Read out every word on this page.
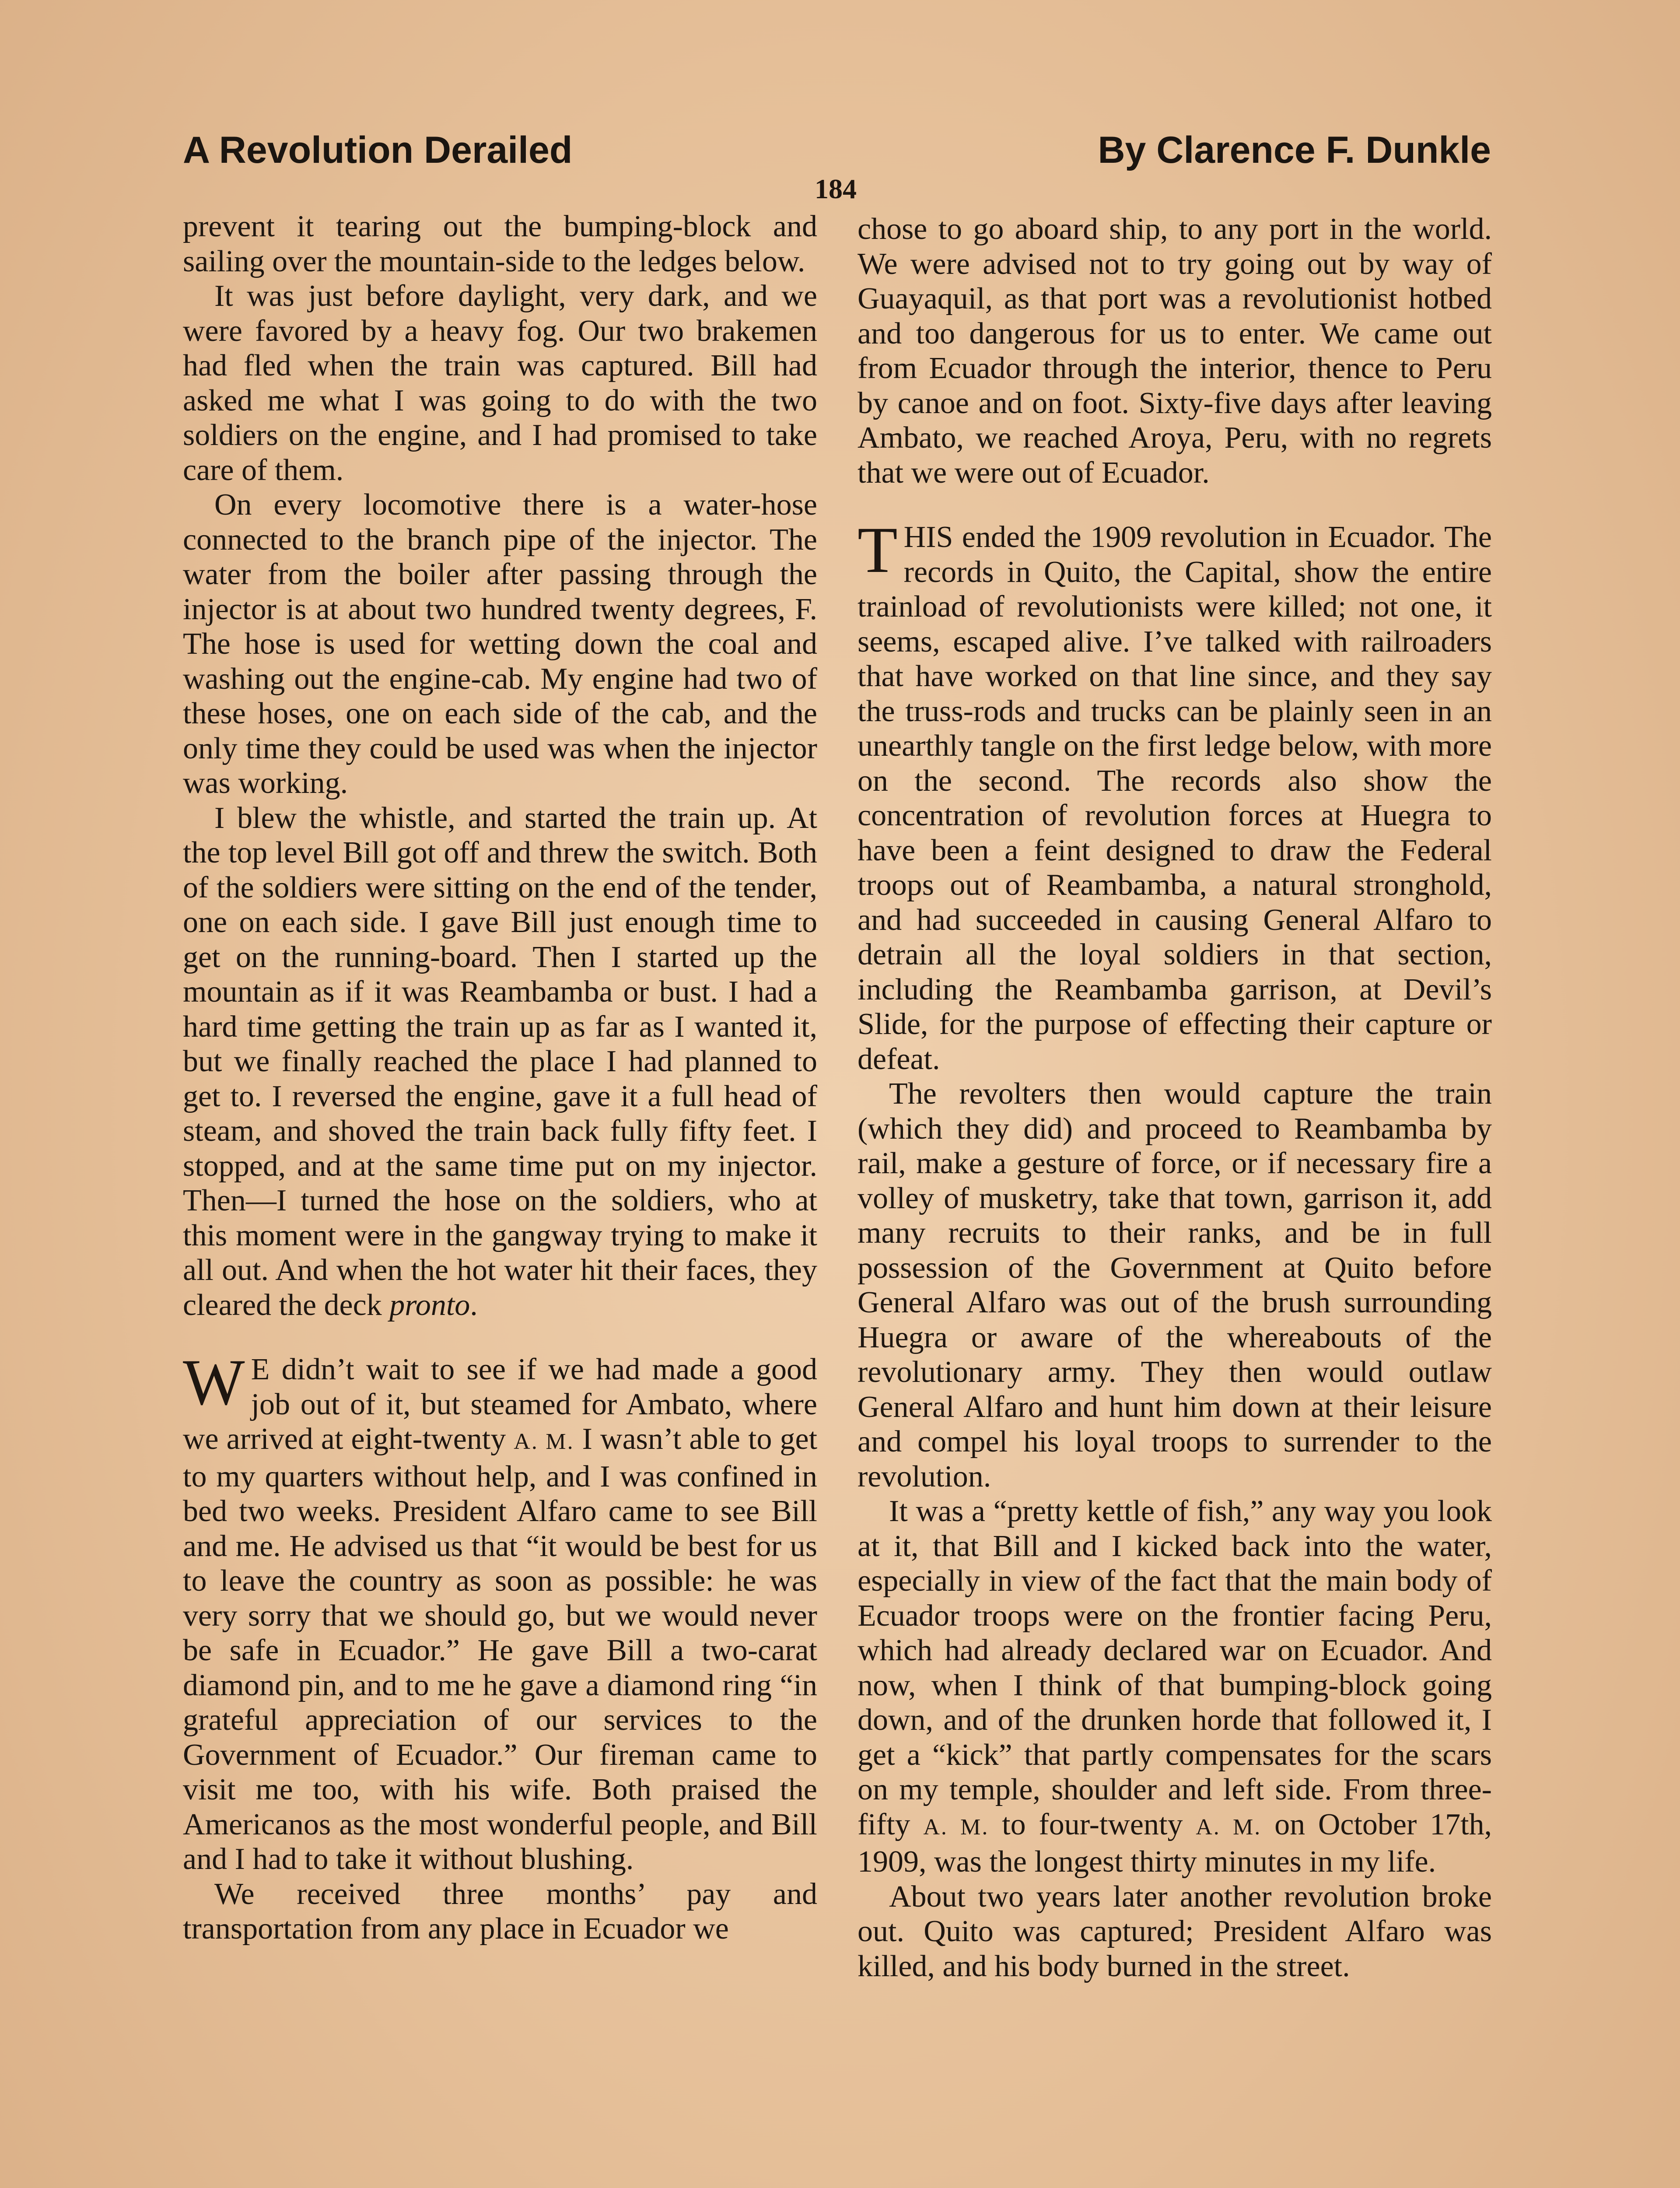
A Revolution Derailed	By Clarence F. Dunkle
184

prevent it tearing out the bumping-block and sailing over the mountain-side to the ledges below.

It was just before daylight, very dark, and we were favored by a heavy fog. Our two brakemen had fled when the train was captured. Bill had asked me what I was going to do with the two soldiers on the engine, and I had promised to take care of them.

On every locomotive there is a water-hose connected to the branch pipe of the injector. The water from the boiler after passing through the injector is at about two hundred twenty degrees, F. The hose is used for wetting down the coal and washing out the engine-cab. My engine had two of these hoses, one on each side of the cab, and the only time they could be used was when the injector was working.

I blew the whistle, and started the train up. At the top level Bill got off and threw the switch. Both of the soldiers were sitting on the end of the tender, one on each side. I gave Bill just enough time to get on the running-board. Then I started up the mountain as if it was Reambamba or bust. I had a hard time getting the train up as far as I wanted it, but we finally reached the place I had planned to get to. I reversed the engine, gave it a full head of steam, and shoved the train back fully fifty feet. I stopped, and at the same time put on my injector. Then—I turned the hose on the soldiers, who at this moment were in the gangway trying to make it all out. And when the hot water hit their faces, they cleared the deck pronto.

W E didn’t wait to see if we had made a good job out of it, but steamed for Ambato, where we arrived at eight-twenty A. M. I wasn’t able to get to my quarters without help, and I was confined in bed two weeks. President Alfaro came to see Bill and me. He advised us that “it would be best for us to leave the country as soon as possible: he was very sorry that we should go, but we would never be safe in Ecuador.” He gave Bill a two-carat diamond pin, and to me he gave a diamond ring “in grateful appreciation of our services to the Government of Ecuador.” Our fireman came to visit me too, with his wife. Both praised the Americanos as the most wonderful people, and Bill and I had to take it without blushing.

We received three months’ pay and transportation from any place in Ecuador we

chose to go aboard ship, to any port in the world. We were advised not to try going out by way of Guayaquil, as that port was a revolutionist hotbed and too dangerous for us to enter. We came out from Ecuador through the interior, thence to Peru by canoe and on foot. Sixty-five days after leaving Ambato, we reached Aroya, Peru, with no regrets that we were out of Ecuador.

THIS ended the 1909 revolution in Ecuador. The records in Quito, the Capital, show the entire trainload of revolutionists were killed; not one, it seems, escaped alive. I’ve talked with railroaders that have worked on that line since, and they say the truss-rods and trucks can be plainly seen in an unearthly tangle on the first ledge below, with more on the second. The records also show the concentration of revolution forces at Huegra to have been a feint designed to draw the Federal troops out of Reambamba, a natural stronghold, and had succeeded in causing General Alfaro to detrain all the loyal soldiers in that section, including the Reambamba garrison, at Devil’s Slide, for the purpose of effecting their capture or defeat.

The revolters then would capture the train (which they did) and proceed to Reambamba by rail, make a gesture of force, or if necessary fire a volley of musketry, take that town, garrison it, add many recruits to their ranks, and be in full possession of the Government at Quito before General Alfaro was out of the brush surrounding Huegra or aware of the whereabouts of the revolutionary army. They then would outlaw General Alfaro and hunt him down at their leisure and compel his loyal troops to surrender to the revolution.

It was a “pretty kettle of fish,” any way you look at it, that Bill and I kicked back into the water, especially in view of the fact that the main body of Ecuador troops were on the frontier facing Peru, which had already declared war on Ecuador. And now, when I think of that bumping-block going down, and of the drunken horde that followed it, I get a “kick” that partly compensates for the scars on my temple, shoulder and left side. From three-fifty A. M. to four-twenty A. M. on October 17th, 1909, was the longest thirty minutes in my life.

About two years later another revolution broke out. Quito was captured; President Alfaro was killed, and his body burned in the street.
